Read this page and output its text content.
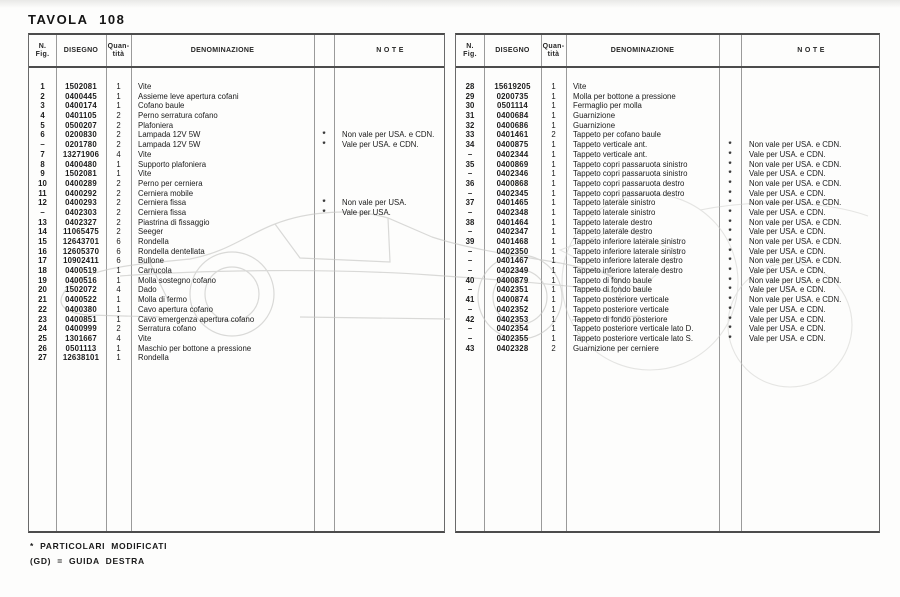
TAVOLA 108
N.
Fig.
DISEGNO
Quan-
tità
DENOMINAZIONE	N O T E
1	1502081	1	Vite
2	0400445	1	Assieme leve apertura cofani
3	0400174	1	Cofano baule
4	0401105	2	Perno serratura cofano
5	0500207	2	Plafoniera
6	0200830	2	Lampada 12V 5W	*	Non vale per USA. e CDN.
–	0201780	2	Lampada 12V 5W	*	Vale per USA. e CDN.
7	13271906	4	Vite
8	0400480	1	Supporto plafoniera
9	1502081	1	Vite
10	0400289	2	Perno per cerniera
11	0400292	2	Cerniera mobile
12	0400293	2	Cerniera fissa	*	Non vale per USA.
–	0402303	2	Cerniera fissa	*	Vale per USA.
13	0402327	2	Piastrina di fissaggio
14	11065475	2	Seeger
15	12643701	6	Rondella
16	12605370	6	Rondella dentellata
17	10902411	6	Bullone
18	0400519	1	Carrucola
19	0400516	1	Molla sostegno cofano
20	1502072	4	Dado
21	0400522	1	Molla di fermo
22	0400380	1	Cavo apertura cofano
23	0400851	1	Cavo emergenza apertura cofano
24	0400999	2	Serratura cofano
25	1301667	4	Vite
26	0501113	1	Maschio per bottone a pressione
27	12638101	1	Rondella
N.
Fig.
DISEGNO
Quan-
tità
DENOMINAZIONE	N O T E
28	15619205	1	Vite
29	0200735	1	Molla per bottone a pressione
30	0501114	1	Fermaglio per molla
31	0400684	1	Guarnizione
32	0400686	1	Guarnizione
33	0401461	2	Tappeto per cofano baule
34	0400875	1	Tappeto verticale ant.	*	Non vale per USA. e CDN.
–	0402344	1	Tappeto verticale ant.	*	Vale per USA. e CDN.
35	0400869	1	Tappeto copri passaruota sinistro	*	Non vale per USA. e CDN.
–	0402346	1	Tappeto copri passaruota sinistro	*	Vale per USA. e CDN.
36	0400868	1	Tappeto copri passaruota destro	*	Non vale per USA. e CDN.
–	0402345	1	Tappeto copri passaruota destro	*	Vale per USA. e CDN.
37	0401465	1	Tappeto laterale sinistro	*	Non vale per USA. e CDN.
–	0402348	1	Tappeto laterale sinistro	*	Vale per USA. e CDN.
38	0401464	1	Tappeto laterale destro	*	Non vale per USA. e CDN.
–	0402347	1	Tappeto laterale destro	*	Vale per USA. e CDN.
39	0401468	1	Tappeto inferiore laterale sinistro	*	Non vale per USA. e CDN.
–	0402350	1	Tappeto inferiore laterale sinistro	*	Vale per USA. e CDN.
–	0401467	1	Tappeto inferiore laterale destro	*	Non vale per USA. e CDN.
–	0402349	1	Tappeto inferiore laterale destro	*	Vale per USA. e CDN.
40	0400879	1	Tappeto di fondo baule	*	Non vale per USA. e CDN.
–	0402351	1	Tappeto di fondo baule	*	Vale per USA. e CDN.
41	0400874	1	Tappeto posteriore verticale	*	Non vale per USA. e CDN.
–	0402352	1	Tappeto posteriore verticale	*	Vale per USA. e CDN.
42	0402353	1	Tappeto di fondo posteriore	*	Vale per USA. e CDN.
–	0402354	1	Tappeto posteriore verticale lato D.	*	Vale per USA. e CDN.
–	0402355	1	Tappeto posteriore verticale lato S.	*	Vale per USA. e CDN.
43	0402328	2	Guarnizione per cerniere
* PARTICOLARI MODIFICATI
(GD) = GUIDA DESTRA
